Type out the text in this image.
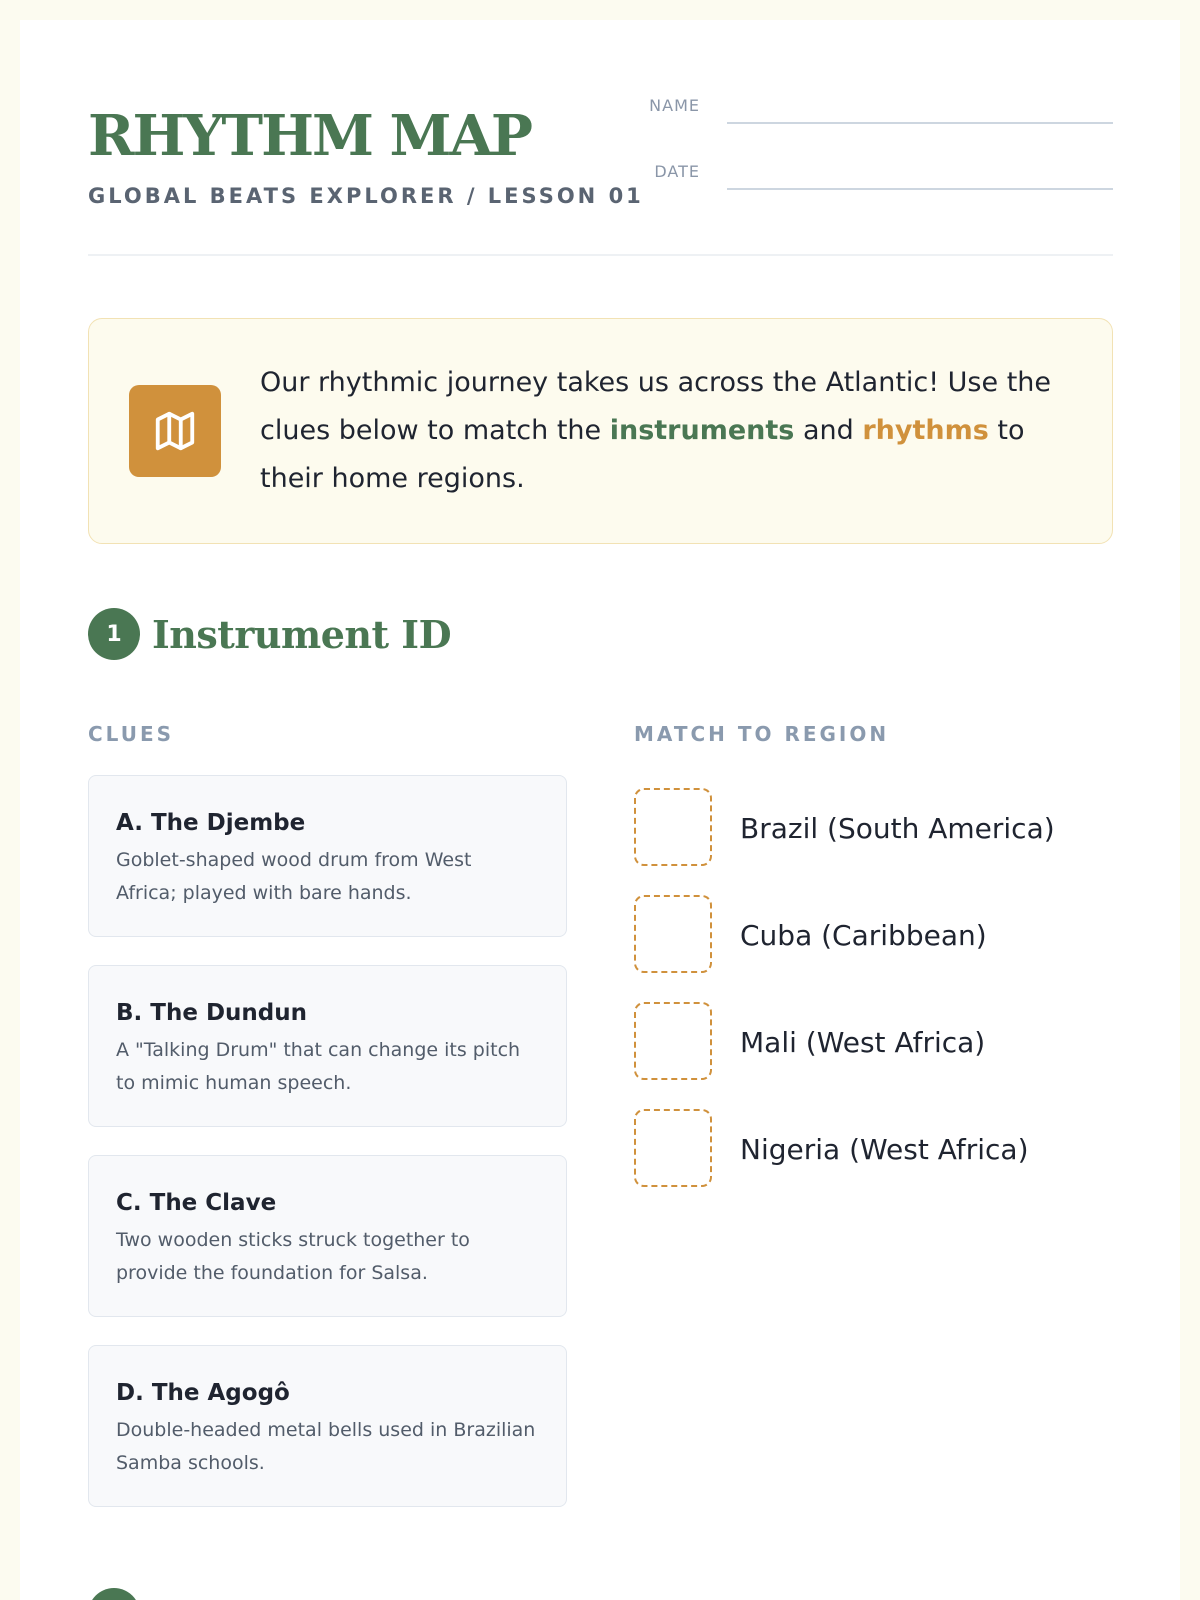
RHYTHM MAP
GLOBAL BEATS EXPLORER / LESSON 01
NAME
DATE
Our rhythmic journey takes us across the Atlantic! Use the clues below to match the instruments and rhythms to their home regions.
1 Instrument ID
CLUES	MATCH TO REGION
A. The Djembe
Goblet-shaped wood drum from West Africa; played with bare hands.
B. The Dundun
A "Talking Drum" that can change its pitch to mimic human speech.
C. The Clave
Two wooden sticks struck together to provide the foundation for Salsa.
D. The Agogô
Double-headed metal bells used in Brazilian Samba schools.
Brazil (South America)
Cuba (Caribbean)
Mali (West Africa)
Nigeria (West Africa)
